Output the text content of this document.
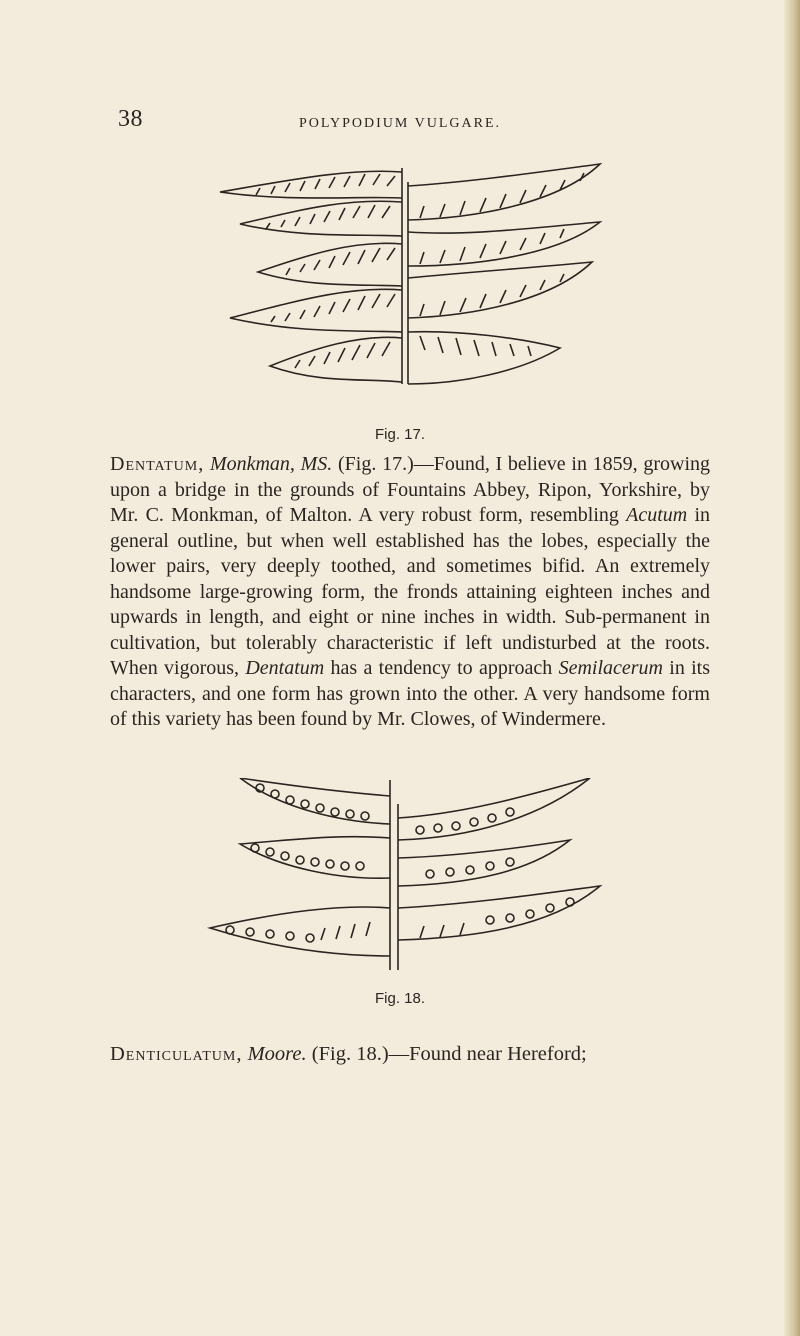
38	POLYPODIUM VULGARE.
Fig. 17.
Dentatum, Monkman, MS. (Fig. 17.)—Found, I believe in 1859, growing upon a bridge in the grounds of Fountains Abbey, Ripon, Yorkshire, by Mr. C. Monkman, of Malton. A very robust form, resembling Acutum in general outline, but when well established has the lobes, especially the lower pairs, very deeply toothed, and sometimes bifid. An extremely handsome large-growing form, the fronds attaining eighteen inches and upwards in length, and eight or nine inches in width. Sub-permanent in cultivation, but tolerably characteristic if left undisturbed at the roots. When vigorous, Dentatum has a tendency to approach Semilacerum in its characters, and one form has grown into the other. A very handsome form of this variety has been found by Mr. Clowes, of Windermere.
Fig. 18.
Denticulatum, Moore. (Fig. 18.)—Found near Hereford;
